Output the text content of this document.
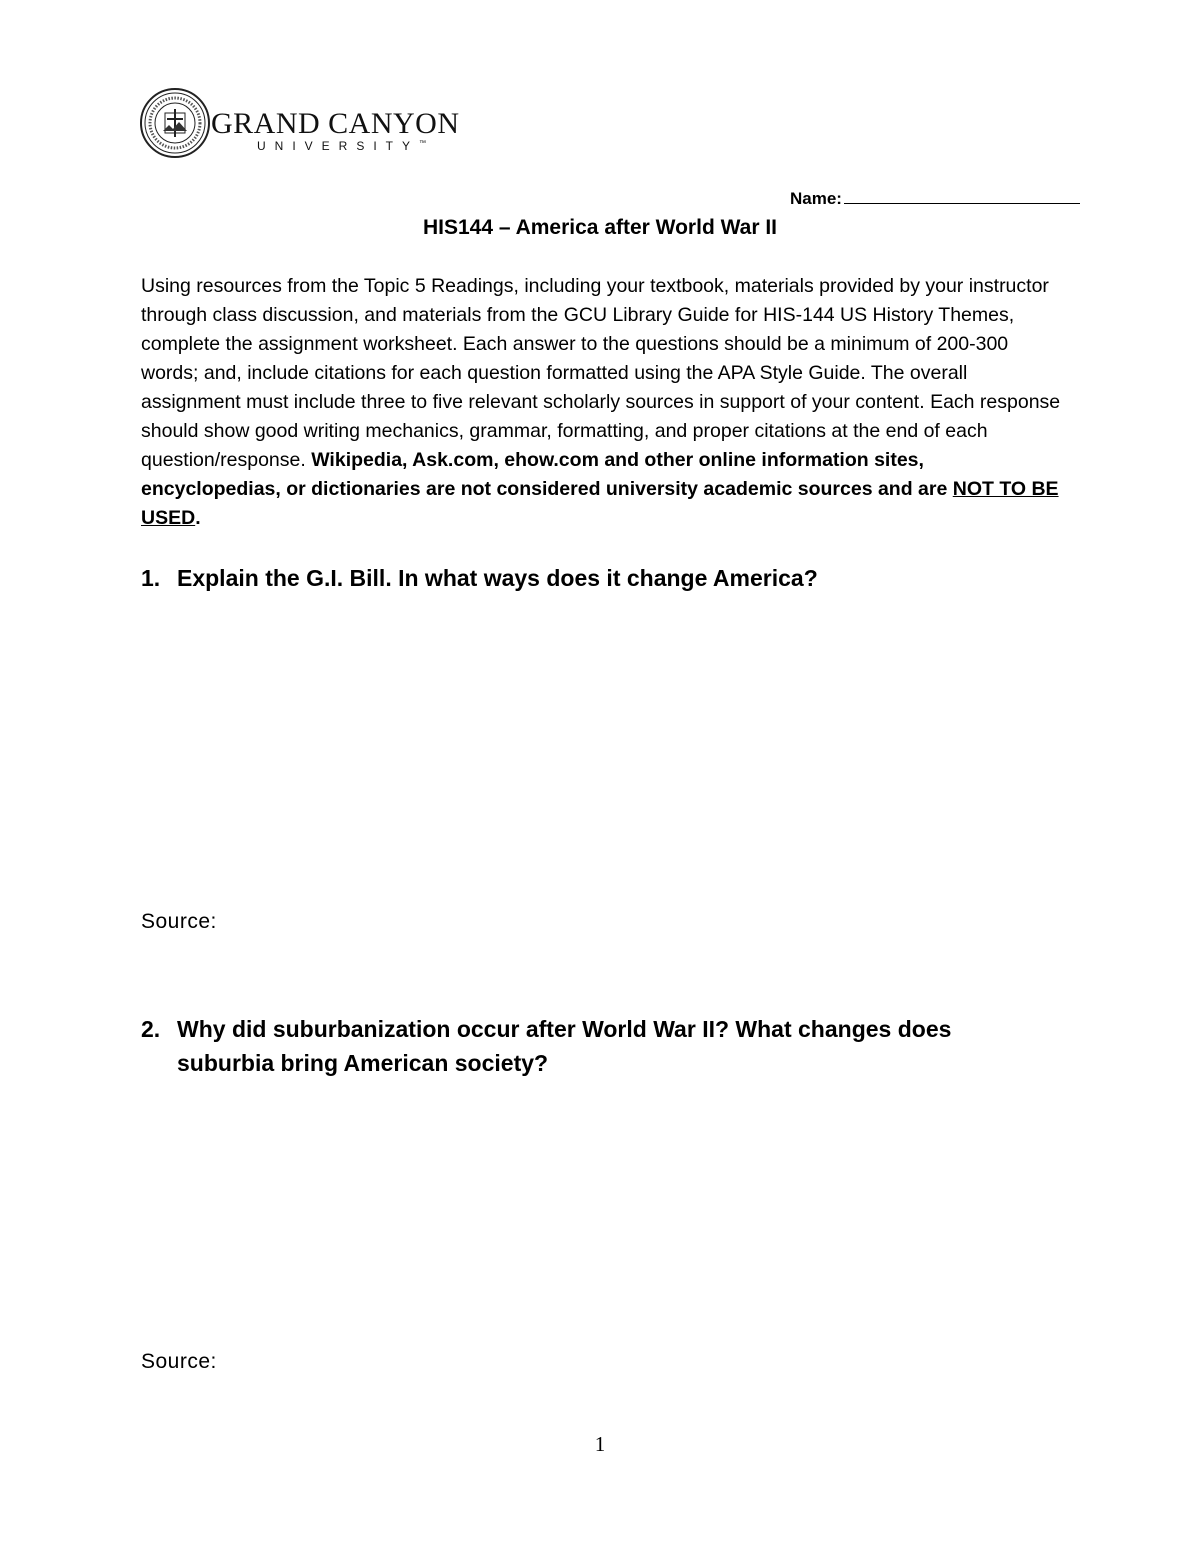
GRAND CANYON
UNIVERSITY™
Name:
HIS144 – America after World War II
Using resources from the Topic 5 Readings, including your textbook, materials provided by your instructor through class discussion, and materials from the GCU Library Guide for HIS-144 US History Themes, complete the assignment worksheet. Each answer to the questions should be a minimum of 200-300 words; and, include citations for each question formatted using the APA Style Guide. The overall assignment must include three to five relevant scholarly sources in support of your content. Each response should show good writing mechanics, grammar, formatting, and proper citations at the end of each question/response. Wikipedia, Ask.com, ehow.com and other online information sites, encyclopedias, or dictionaries are not considered university academic sources and are NOT TO BE USED.
1. Explain the G.I. Bill. In what ways does it change America?
Source:
2. Why did suburbanization occur after World War II? What changes does suburbia bring American society?
Source:
1
